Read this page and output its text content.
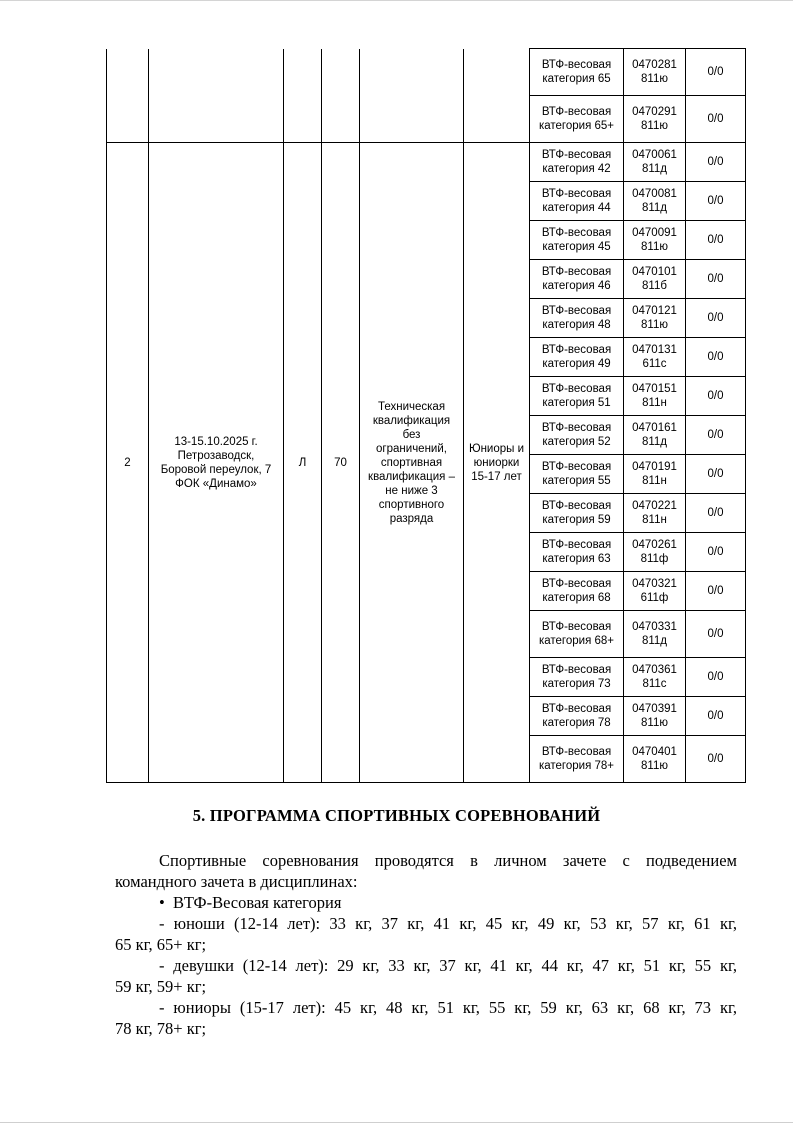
						ВТФ-весовая категория 65	0470281 811ю	0/0
						ВТФ-весовая категория 65+	0470291 811ю	0/0
2	13-15.10.2025 г. Петрозаводск, Боровой переулок, 7 ФОК «Динамо»	Л	70	Техническая квалификация без ограничений, спортивная квалификация – не ниже 3 спортивного разряда	Юниоры и юниорки 15-17 лет	ВТФ-весовая категория 42	0470061 811д	0/0
						ВТФ-весовая категория 44	0470081 811д	0/0
						ВТФ-весовая категория 45	0470091 811ю	0/0
						ВТФ-весовая категория 46	0470101 811б	0/0
						ВТФ-весовая категория 48	0470121 811ю	0/0
						ВТФ-весовая категория 49	0470131 611с	0/0
						ВТФ-весовая категория 51	0470151 811н	0/0
						ВТФ-весовая категория 52	0470161 811д	0/0
						ВТФ-весовая категория 55	0470191 811н	0/0
						ВТФ-весовая категория 59	0470221 811н	0/0
						ВТФ-весовая категория 63	0470261 811ф	0/0
						ВТФ-весовая категория 68	0470321 611ф	0/0
						ВТФ-весовая категория 68+	0470331 811д	0/0
						ВТФ-весовая категория 73	0470361 811с	0/0
						ВТФ-весовая категория 78	0470391 811ю	0/0
						ВТФ-весовая категория 78+	0470401 811ю	0/0
5. ПРОГРАММА СПОРТИВНЫХ СОРЕВНОВАНИЙ
Спортивные соревнования проводятся в личном зачете с подведением
командного зачета в дисциплинах:
• ВТФ-Весовая категория
- юноши (12-14 лет): 33 кг, 37 кг, 41 кг, 45 кг, 49 кг, 53 кг, 57 кг, 61 кг,
65 кг, 65+ кг;
- девушки (12-14 лет): 29 кг, 33 кг, 37 кг, 41 кг, 44 кг, 47 кг, 51 кг, 55 кг,
59 кг, 59+ кг;
- юниоры (15-17 лет): 45 кг, 48 кг, 51 кг, 55 кг, 59 кг, 63 кг, 68 кг, 73 кг,
78 кг, 78+ кг;
